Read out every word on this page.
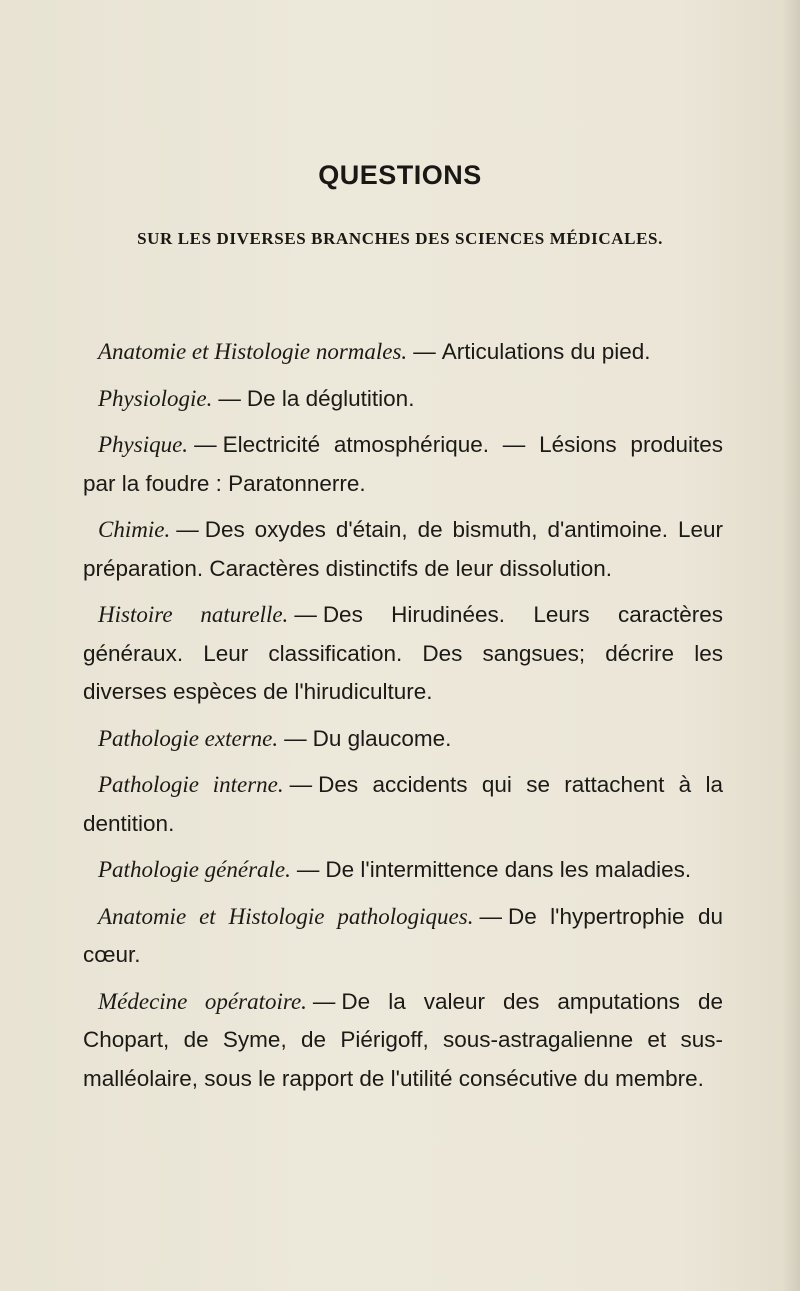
QUESTIONS
SUR LES DIVERSES BRANCHES DES SCIENCES MÉDICALES.

Anatomie et Histologie normales. — Articulations du pied.

Physiologie. — De la déglutition.

Physique. — Electricité atmosphérique. — Lésions produites par la foudre : Paratonnerre.

Chimie. — Des oxydes d'étain, de bismuth, d'antimoine. Leur préparation. Caractères distinctifs de leur dissolution.

Histoire naturelle. — Des Hirudinées. Leurs caractères généraux. Leur classification. Des sangsues; décrire les diverses espèces de l'hirudiculture.

Pathologie externe. — Du glaucome.

Pathologie interne. — Des accidents qui se rattachent à la dentition.

Pathologie générale. — De l'intermittence dans les maladies.

Anatomie et Histologie pathologiques. — De l'hypertrophie du cœur.

Médecine opératoire. — De la valeur des amputations de Chopart, de Syme, de Piérigoff, sous-astragalienne et sus-malléolaire, sous le rapport de l'utilité consécutive du membre.
